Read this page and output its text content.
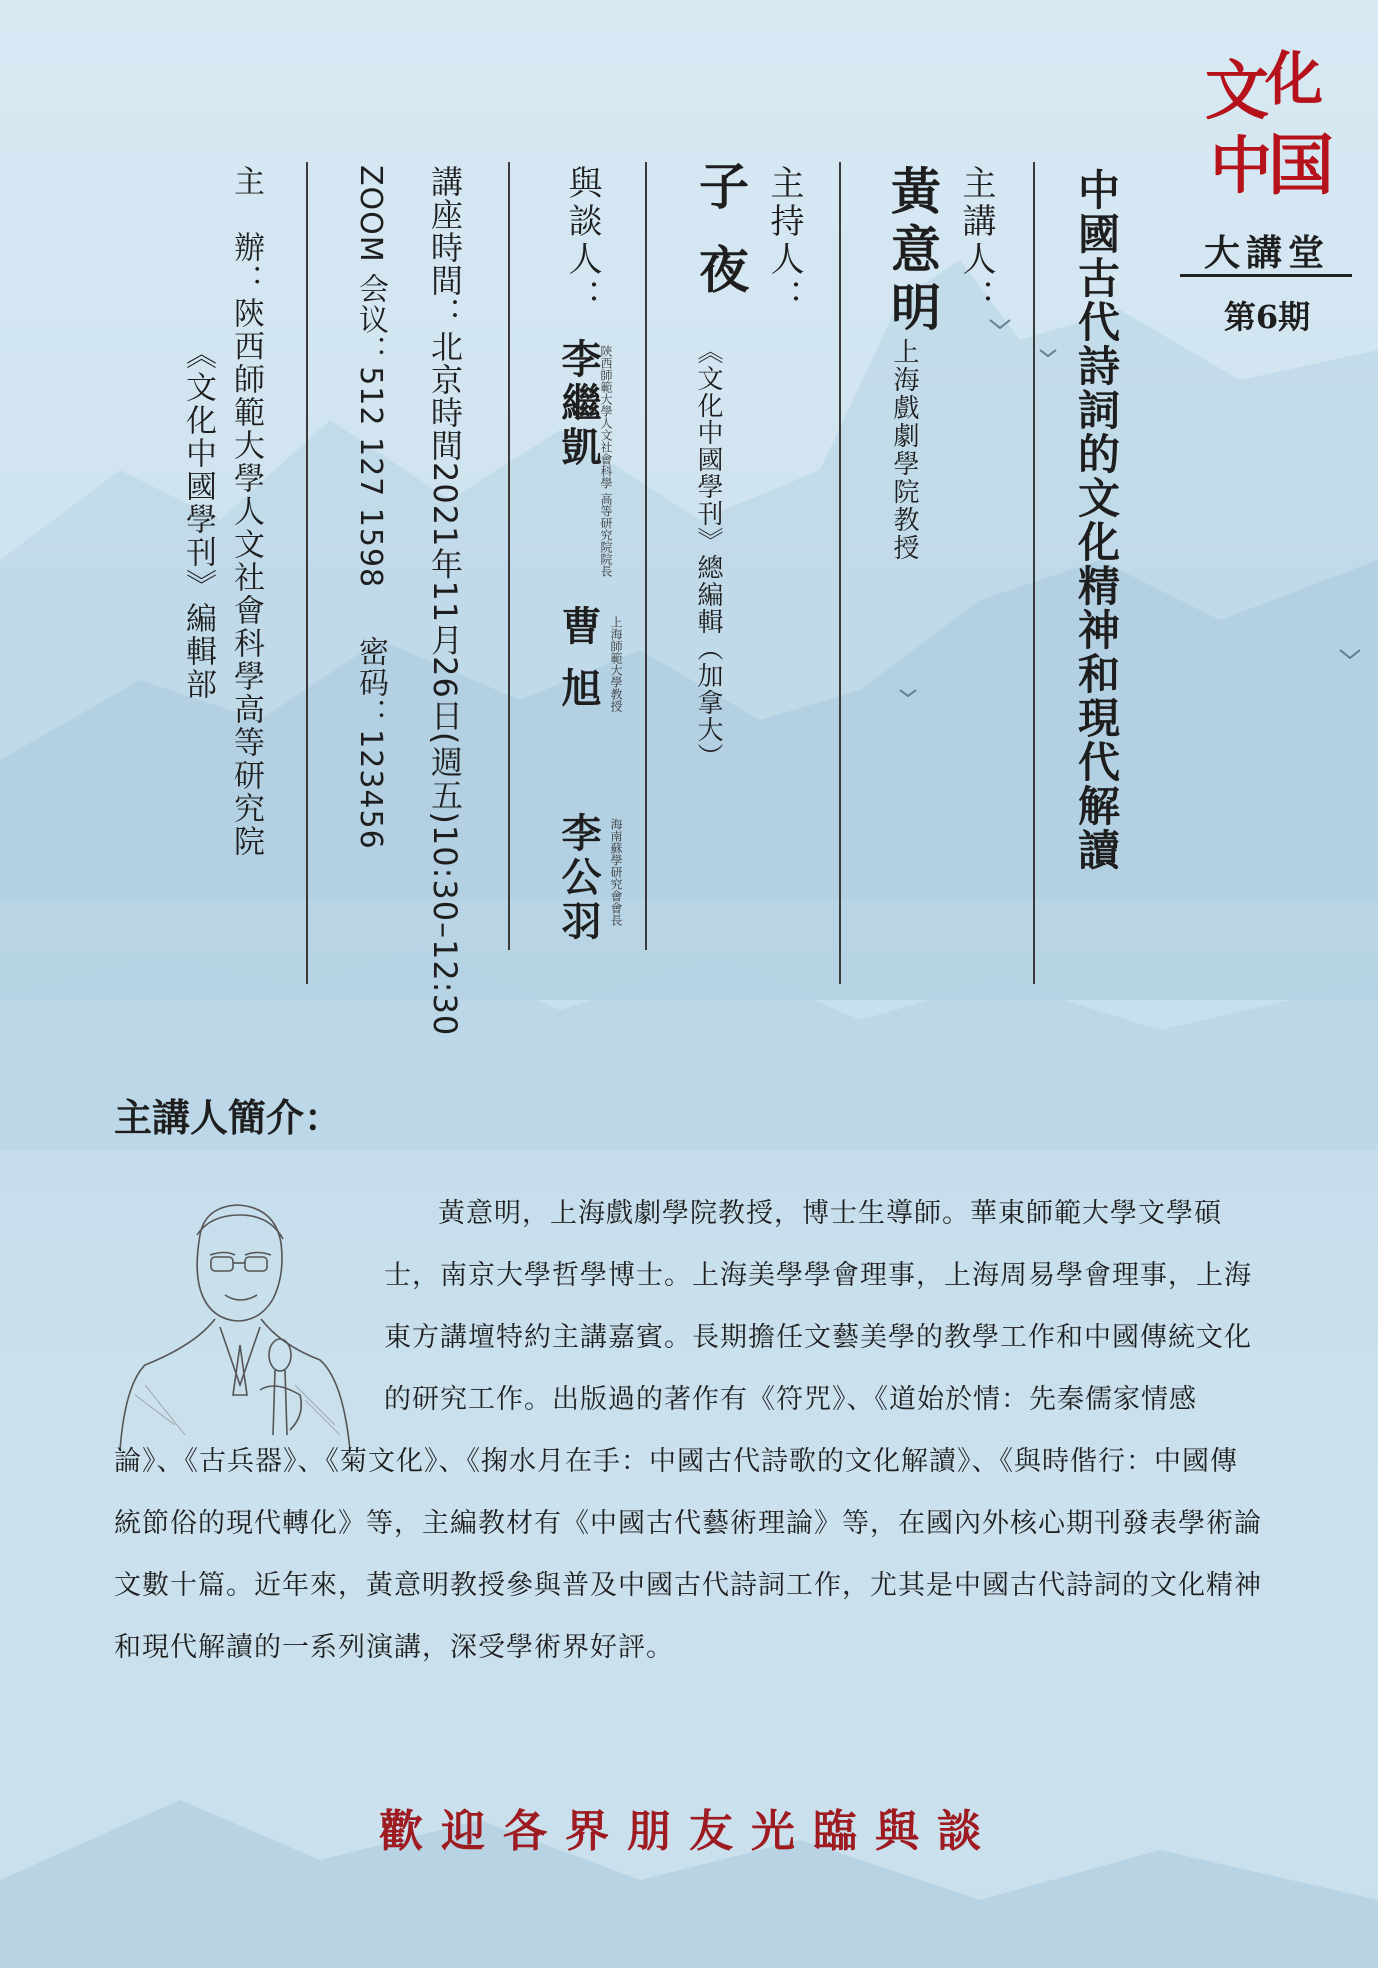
文
化
中
国
大講堂
第6期
中國古代詩詞的文化精神和現代解讀
主講人：
黃意明
上海戲劇學院教授
主持人：
子 夜
《文化中國學刊》總編輯（加拿大）
與談人：
李繼凱
陝西師範大學人文社會科學 高等研究院院長
曹 旭 上海師範大學教授
李公羽 海南蘇學研究會會長
講座時間：北京時間2021年11月26日(週五)10:30–12:30
ZOOM 会议：512 127 1598密码：123456
主　辦：陝西師範大學人文社會科學高等研究院
《文化中國學刊》編輯部
主講人簡介：
黃意明，上海戲劇學院教授，博士生導師。華東師範大學文學碩士，南京大學哲學博士。上海美學學會理事，上海周易學會理事，上海東方講壇特約主講嘉賓。長期擔任文藝美學的教學工作和中國傳統文化的研究工作。出版過的著作有《符咒》、《道始於情：先秦儒家情感論》、《古兵器》、《菊文化》、《掬水月在手：中國古代詩歌的文化解讀》、《與時偕行：中國傳統節俗的現代轉化》等，主編教材有《中國古代藝術理論》等，在國內外核心期刊發表學術論文數十篇。近年來，黃意明教授參與普及中國古代詩詞工作，尤其是中國古代詩詞的文化精神和現代解讀的一系列演講，深受學術界好評。
歡迎各界朋友光臨與談
